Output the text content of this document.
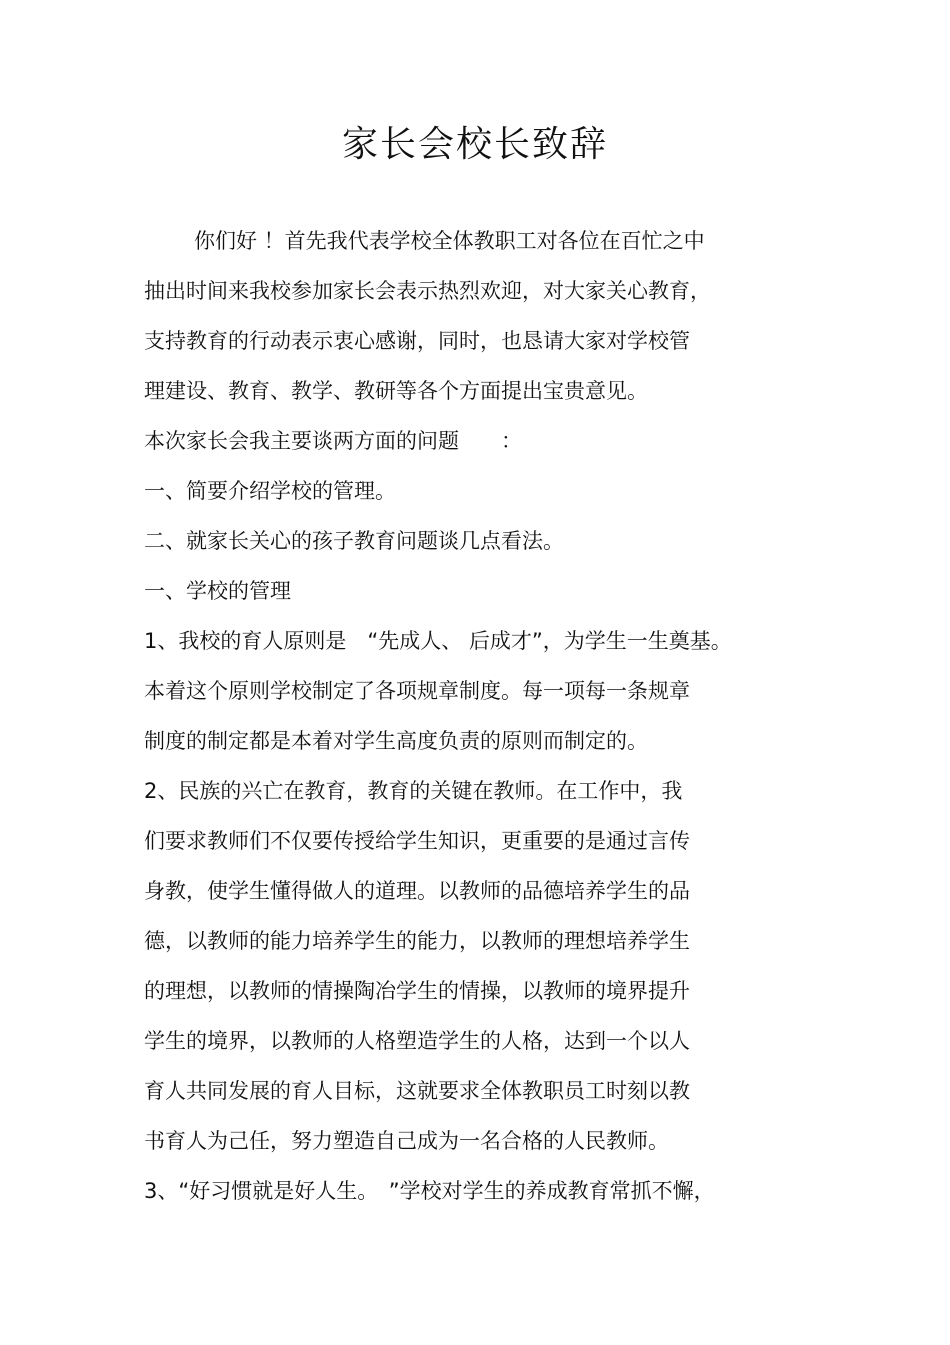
家长会校长致辞
你们好 ！首先我代表学校全体教职工对各位在百忙之中
抽出时间来我校参加家长会表示热烈欢迎，对大家关心教育，
支持教育的行动表示衷心感谢，同时，也恳请大家对学校管
理建设、教育、教学、教研等各个方面提出宝贵意见。
本次家长会我主要谈两方面的问题　　：
一、简要介绍学校的管理。
二、就家长关心的孩子教育问题谈几点看法。
一、学校的管理
1、我校的育人原则是　“先成人、 后成才”，为学生一生奠基。
本着这个原则学校制定了各项规章制度。每一项每一条规章
制度的制定都是本着对学生高度负责的原则而制定的。
2、民族的兴亡在教育，教育的关键在教师。在工作中，我
们要求教师们不仅要传授给学生知识，更重要的是通过言传
身教，使学生懂得做人的道理。以教师的品德培养学生的品
德，以教师的能力培养学生的能力，以教师的理想培养学生
的理想，以教师的情操陶冶学生的情操，以教师的境界提升
学生的境界，以教师的人格塑造学生的人格，达到一个以人
育人共同发展的育人目标，这就要求全体教职员工时刻以教
书育人为己任，努力塑造自己成为一名合格的人民教师。
3、“好习惯就是好人生。　”学校对学生的养成教育常抓不懈，
